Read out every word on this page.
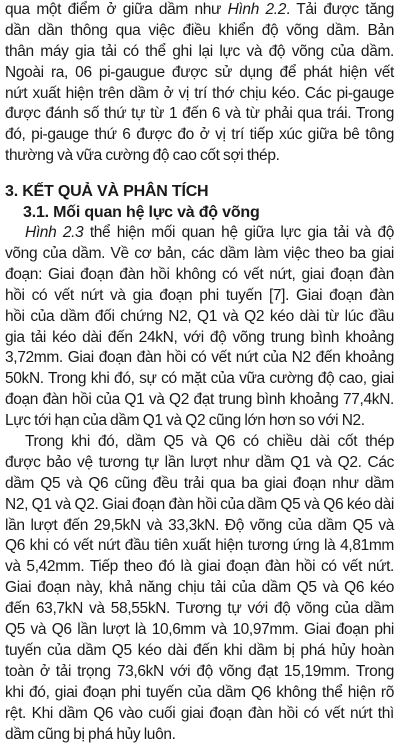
qua một điểm ở giữa dầm như Hình 2.2. Tải được tăng
dần dần thông qua việc điều khiển độ võng dầm. Bản
thân máy gia tải có thể ghi lại lực và độ võng của dầm.
Ngoài ra, 06 pi-gaugue được sử dụng để phát hiện vết
nứt xuất hiện trên dầm ở vị trí thớ chịu kéo. Các pi-gauge
được đánh số thứ tự từ 1 đến 6 và từ phải qua trái. Trong
đó, pi-gauge thứ 6 được đo ở vị trí tiếp xúc giữa bê tông
thường và vữa cường độ cao cốt sợi thép.
3. KẾT QUẢ VÀ PHÂN TÍCH
3.1. Mối quan hệ lực và độ võng
Hình 2.3 thể hiện mối quan hệ giữa lực gia tải và độ
võng của dầm. Về cơ bản, các dầm làm việc theo ba giai
đoạn: Giai đoạn đàn hồi không có vết nứt, giai đoạn đàn
hồi có vết nứt và gia đoạn phi tuyến [7]. Giai đoạn đàn
hồi của dầm đối chứng N2, Q1 và Q2 kéo dài từ lúc đầu
gia tải kéo dài đến 24kN, với độ võng trung bình khoảng
3,72mm. Giai đoạn đàn hồi có vết nứt của N2 đến khoảng
50kN. Trong khi đó, sự có mặt của vữa cường độ cao, giai
đoạn đàn hồi của Q1 và Q2 đạt trung bình khoảng 77,4kN.
Lực tới hạn của dầm Q1 và Q2 cũng lớn hơn so với N2.
Trong khi đó, dầm Q5 và Q6 có chiều dài cốt thép
được bảo vệ tương tự lần lượt như dầm Q1 và Q2. Các
dầm Q5 và Q6 cũng đều trải qua ba giai đoạn như dầm
N2, Q1 và Q2. Giai đoạn đàn hồi của dầm Q5 và Q6 kéo dài
lần lượt đến 29,5kN và 33,3kN. Độ võng của dầm Q5 và
Q6 khi có vết nứt đầu tiên xuất hiện tương ứng là 4,81mm
và 5,42mm. Tiếp theo đó là giai đoạn đàn hồi có vết nứt.
Giai đoạn này, khả năng chịu tải của dầm Q5 và Q6 kéo
đến 63,7kN và 58,55kN. Tương tự với độ võng của dầm
Q5 và Q6 lần lượt là 10,6mm và 10,97mm. Giai đoạn phi
tuyến của dầm Q5 kéo dài đến khi dầm bị phá hủy hoàn
toàn ở tải trọng 73,6kN với độ võng đạt 15,19mm. Trong
khi đó, giai đoạn phi tuyến của dầm Q6 không thể hiện rõ
rệt. Khi dầm Q6 vào cuối giai đoạn đàn hồi có vết nứt thì
dầm cũng bị phá hủy luôn.
